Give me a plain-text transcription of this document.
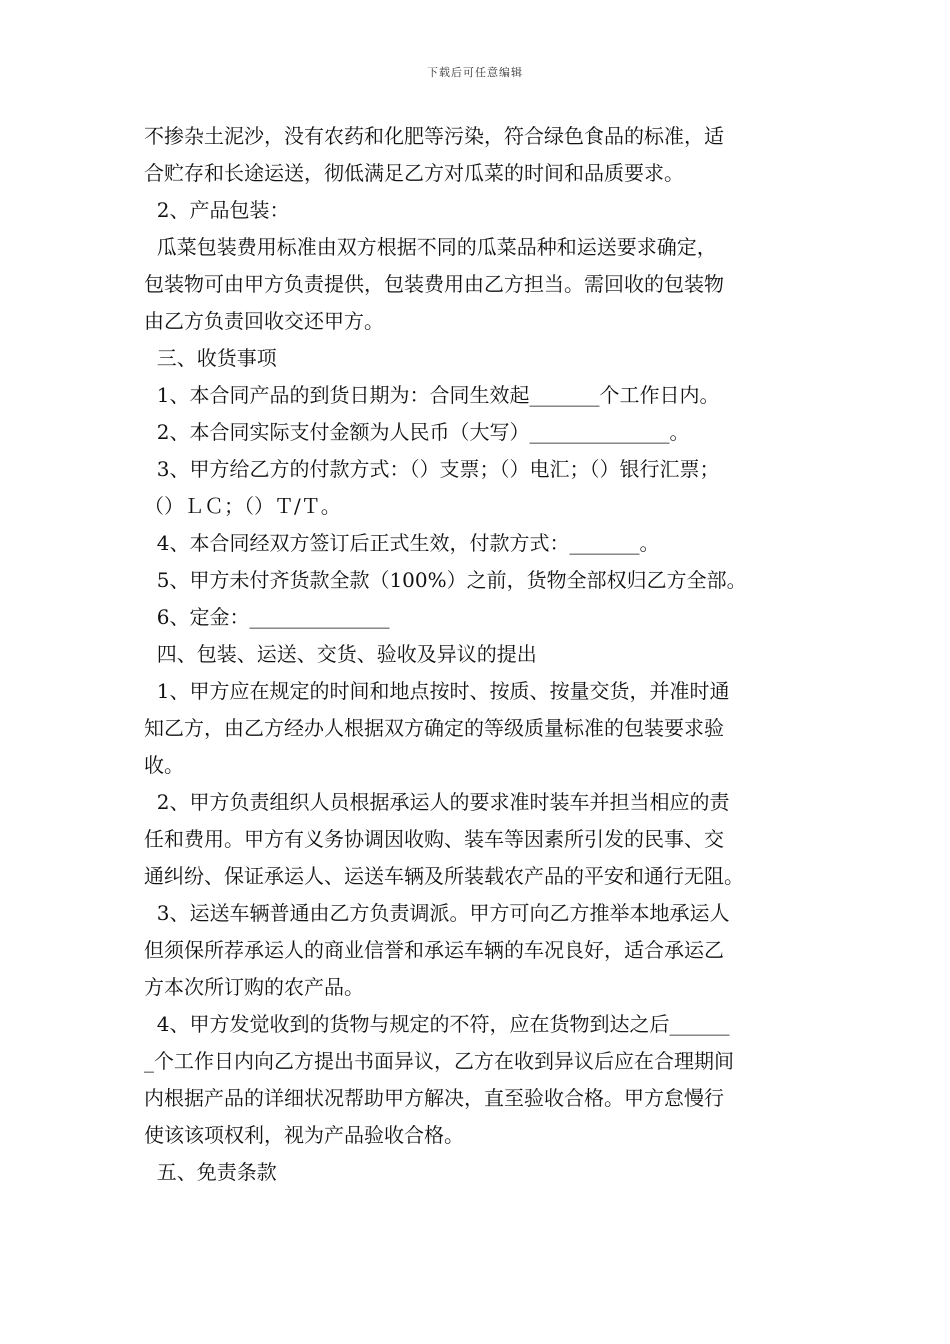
下载后可任意编辑

不掺杂土泥沙，没有农药和化肥等污染，符合绿色食品的标准，适

合贮存和长途运送，彻低满足乙方对瓜菜的时间和品质要求。

2、产品包装：

瓜菜包装费用标准由双方根据不同的瓜菜品种和运送要求确定，

包装物可由甲方负责提供，包装费用由乙方担当。需回收的包装物

由乙方负责回收交还甲方。

三、收货事项

1、本合同产品的到货日期为：合同生效起_______个工作日内。

2、本合同实际支付金额为人民币（大写）______________。

3、甲方给乙方的付款方式：（）支票；（）电汇；（）银行汇票；

（）ＬＣ；（）Ｔ/Ｔ。

4、本合同经双方签订后正式生效，付款方式：_______。

5、甲方未付齐货款全款（100%）之前，货物全部权归乙方全部。

6、定金：______________

四、包装、运送、交货、验收及异议的提出

1、甲方应在规定的时间和地点按时、按质、按量交货，并准时通

知乙方，由乙方经办人根据双方确定的等级质量标准的包装要求验

收。

2、甲方负责组织人员根据承运人的要求准时装车并担当相应的责

任和费用。甲方有义务协调因收购、装车等因素所引发的民事、交

通纠纷、保证承运人、运送车辆及所装载农产品的平安和通行无阻。

3、运送车辆普通由乙方负责调派。甲方可向乙方推举本地承运人

但须保所荐承运人的商业信誉和承运车辆的车况良好，适合承运乙

方本次所订购的农产品。

4、甲方发觉收到的货物与规定的不符，应在货物到达之后______

_个工作日内向乙方提出书面异议，乙方在收到异议后应在合理期间

内根据产品的详细状况帮助甲方解决，直至验收合格。甲方怠慢行

使该该项权利，视为产品验收合格。

五、免责条款
